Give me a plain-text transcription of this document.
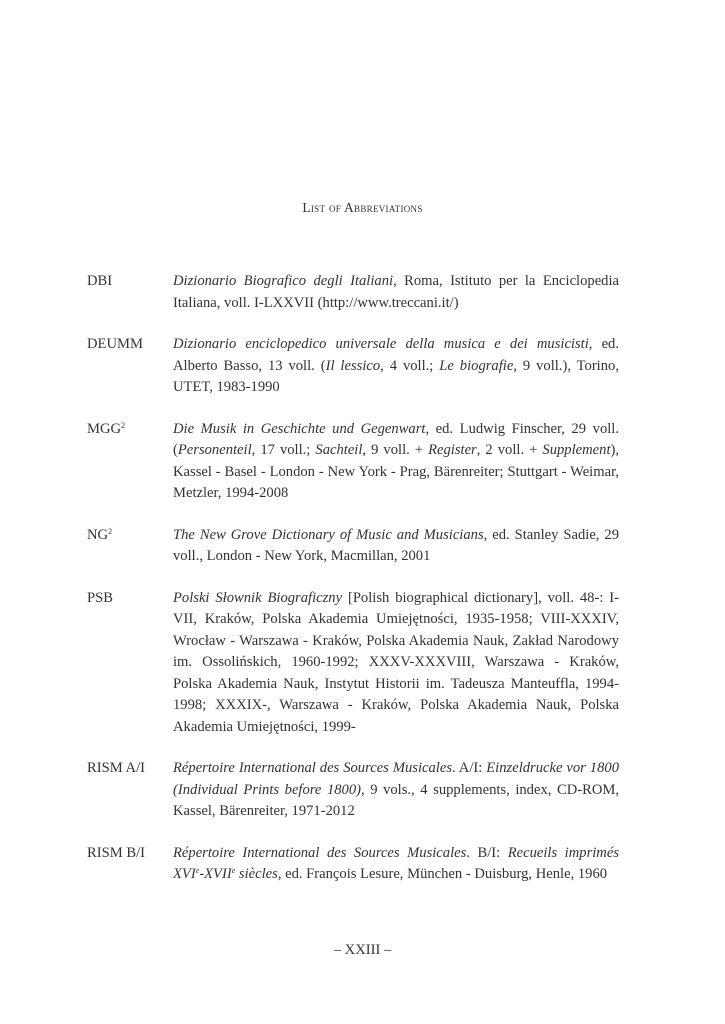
List of Abbreviations
DBI	Dizionario Biografico degli Italiani, Roma, Istituto per la Enciclopedia Italiana, voll. I-LXXVII (http://www.treccani.it/)
DEUMM	Dizionario enciclopedico universale della musica e dei musicisti, ed. Alberto Basso, 13 voll. (Il lessico, 4 voll.; Le biografie, 9 voll.), Torino, UTET, 1983-1990
MGG$^2$	Die Musik in Geschichte und Gegenwart, ed. Ludwig Finscher, 29 voll. (Personenteil, 17 voll.; Sachteil, 9 voll. + Register, 2 voll. + Supplement), Kassel - Basel - London - New York - Prag, Bärenreiter; Stuttgart - Weimar, Metzler, 1994-2008
$NG^2$	The New Grove Dictionary of Music and Musicians, ed. Stanley Sadie, 29 voll., London - New York, Macmillan, 2001
PSB	Polski Słownik Biograficzny [Polish biographical dictionary], voll. 48-: I-VII, Kraków, Polska Akademia Umiejętności, 1935-1958; VIII-XXXIV, Wrocław - Warszawa - Kraków, Polska Akademia Nauk, Zakład Narodowy im. Ossolińskich, 1960-1992; XXXV-XXXVIII, Warszawa - Kraków, Polska Akademia Nauk, Instytut Historii im. Tadeusza Manteuffla, 1994-1998; XXXIX-, Warszawa - Kraków, Polska Akademia Nauk, Polska Akademia Umiejętności, 1999-
RISM A/I	Répertoire International des Sources Musicales. A/I: Einzeldrucke vor 1800 (Individual Prints before 1800), 9 vols., 4 supplements, index, CD-ROM, Kassel, Bärenreiter, 1971-2012
RISM B/I	Répertoire International des Sources Musicales. B/I: Recueils imprimés XVIe-XVIIe siècles, ed. François Lesure, München - Duisburg, Henle, 1960
– XXIII –
